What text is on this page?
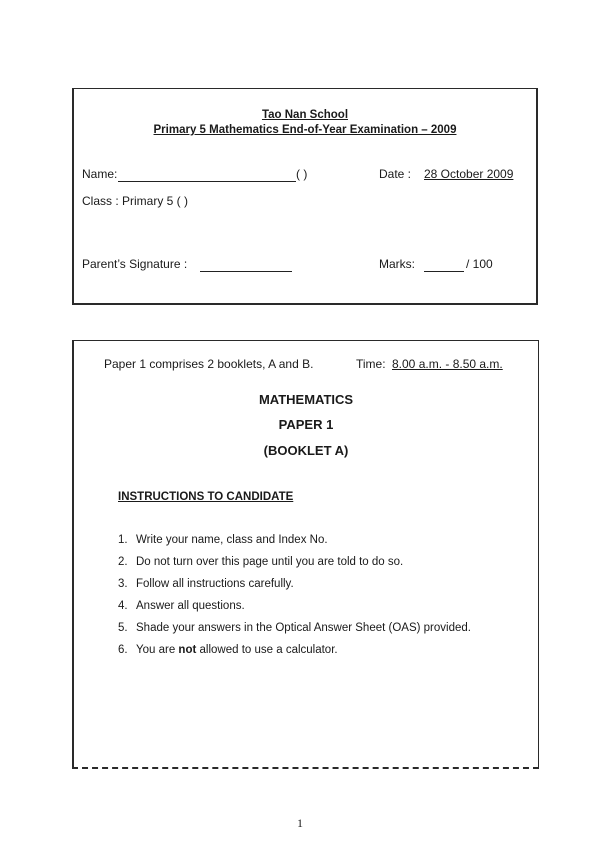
Tao Nan School
Primary 5 Mathematics End-of-Year Examination – 2009
Name:	( )	Date : 28 October 2009
Class : Primary 5 ( )
Parent’s Signature :	Marks:	/ 100
Paper 1 comprises 2 booklets, A and B.	Time: 8.00 a.m. - 8.50 a.m.
MATHEMATICS
PAPER 1
(BOOKLET A)
INSTRUCTIONS TO CANDIDATE
1. Write your name, class and Index No.
2. Do not turn over this page until you are told to do so.
3. Follow all instructions carefully.
4. Answer all questions.
5. Shade your answers in the Optical Answer Sheet (OAS) provided.
6. You are not allowed to use a calculator.
1
